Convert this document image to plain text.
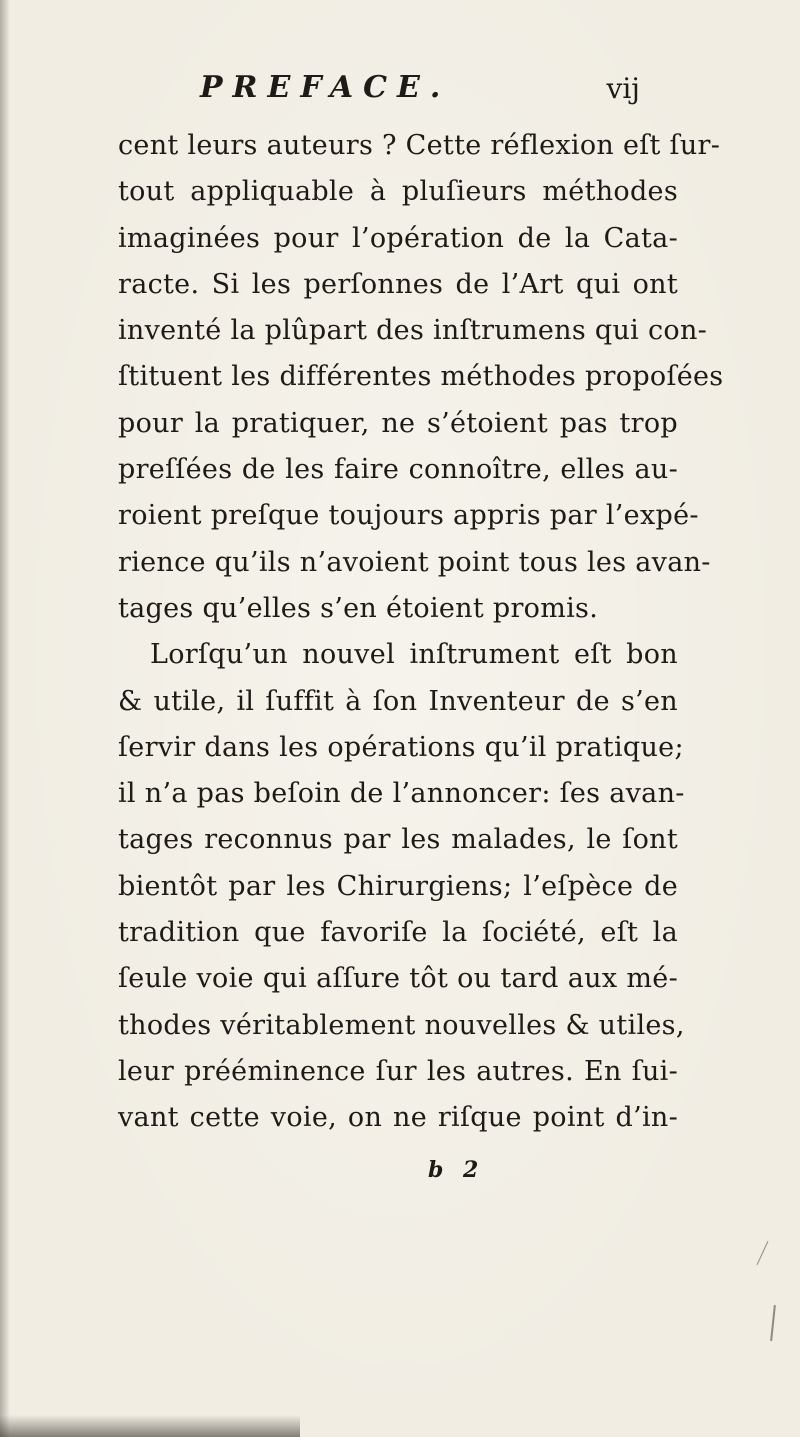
PREFACE.	vij
cent leurs auteurs ? Cette réflexion eſt ſur-
tout appliquable à pluſieurs méthodes
imaginées pour l’opération de la Cata-
racte. Si les perſonnes de l’Art qui ont
inventé la plûpart des inſtrumens qui con-
ſtituent les différentes méthodes propoſées
pour la pratiquer, ne s’étoient pas trop
preſſées de les faire connoître, elles au-
roient preſque toujours appris par l’expé-
rience qu’ils n’avoient point tous les avan-
tages qu’elles s’en étoient promis.
Lorſqu’un nouvel inſtrument eſt bon
& utile, il ſuffit à ſon Inventeur de s’en
ſervir dans les opérations qu’il pratique;
il n’a pas beſoin de l’annoncer: ſes avan-
tages reconnus par les malades, le ſont
bientôt par les Chirurgiens; l’eſpèce de
tradition que favoriſe la ſociété, eſt la
ſeule voie qui aſſure tôt ou tard aux mé-
thodes véritablement nouvelles & utiles,
leur prééminence ſur les autres. En ſui-
vant cette voie, on ne riſque point d’in-
b 2
